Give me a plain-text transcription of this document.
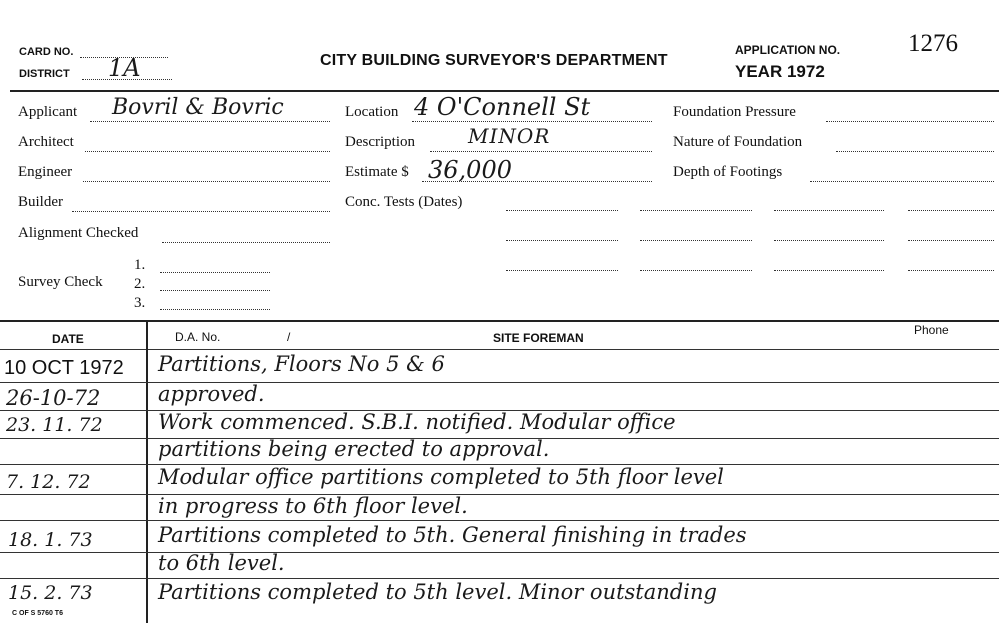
CARD NO.
DISTRICT 1A	CITY BUILDING SURVEYOR'S DEPARTMENT
APPLICATION NO.	1276
YEAR 1972
Applicant Bovril & Bovric
Architect
Engineer
Builder
Alignment Checked
Survey Check
1.
2.
3.
Location 4 O'Connell St
Description	MINOR
Estimate $ 36,000
Conc. Tests (Dates)
Foundation Pressure
Nature of Foundation
Depth of Footings
DATE	D.A. No.	/	SITE FOREMAN
Phone
10 OCT 1972 Partitions, Floors No 5 & 6
26-10-72	approved.
23. 11. 72	Work commenced. S.B.I. notified. Modular office
partitions being erected to approval.
7. 12. 72	Modular office partitions completed to 5th floor level
in progress to 6th floor level.
18. 1. 73	Partitions completed to 5th. General finishing in trades
to 6th level.
15. 2. 73	Partitions completed to 5th level. Minor outstanding
C OF S 5760 T6
